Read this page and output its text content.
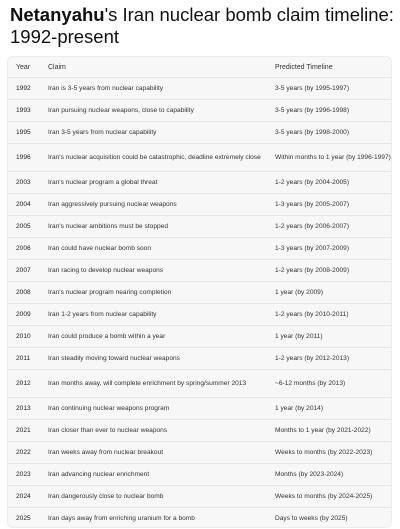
Netanyahu's Iran nuclear bomb claim timeline: 1992-present
Year	Claim	Predicted Timeline
1992	Iran is 3-5 years from nuclear capability	3-5 years (by 1995-1997)
1993	Iran pursuing nuclear weapons, close to capability	3-5 years (by 1996-1998)
1995	Iran 3-5 years from nuclear capability	3-5 years (by 1998-2000)
1996	Iran's nuclear acquisition could be catastrophic, deadline extremely close	Within months to 1 year (by 1996-1997)
2003	Iran's nuclear program a global threat	1-2 years (by 2004-2005)
2004	Iran aggressively pursuing nuclear weapons	1-3 years (by 2005-2007)
2005	Iran's nuclear ambitions must be stopped	1-2 years (by 2006-2007)
2006	Iran could have nuclear bomb soon	1-3 years (by 2007-2009)
2007	Iran racing to develop nuclear weapons	1-2 years (by 2008-2009)
2008	Iran's nuclear program nearing completion	1 year (by 2009)
2009	Iran 1-2 years from nuclear capability	1-2 years (by 2010-2011)
2010	Iran could produce a bomb within a year	1 year (by 2011)
2011	Iran steadily moving toward nuclear weapons	1-2 years (by 2012-2013)
2012	Iran months away, will complete enrichment by spring/summer 2013	~6-12 months (by 2013)
2013	Iran continuing nuclear weapons program	1 year (by 2014)
2021	Iran closer than ever to nuclear weapons	Months to 1 year (by 2021-2022)
2022	Iran weeks away from nuclear breakout	Weeks to months (by 2022-2023)
2023	Iran advancing nuclear enrichment	Months (by 2023-2024)
2024	Iran dangerously close to nuclear bomb	Weeks to months (by 2024-2025)
2025	Iran days away from enriching uranium for a bomb	Days to weeks (by 2025)
